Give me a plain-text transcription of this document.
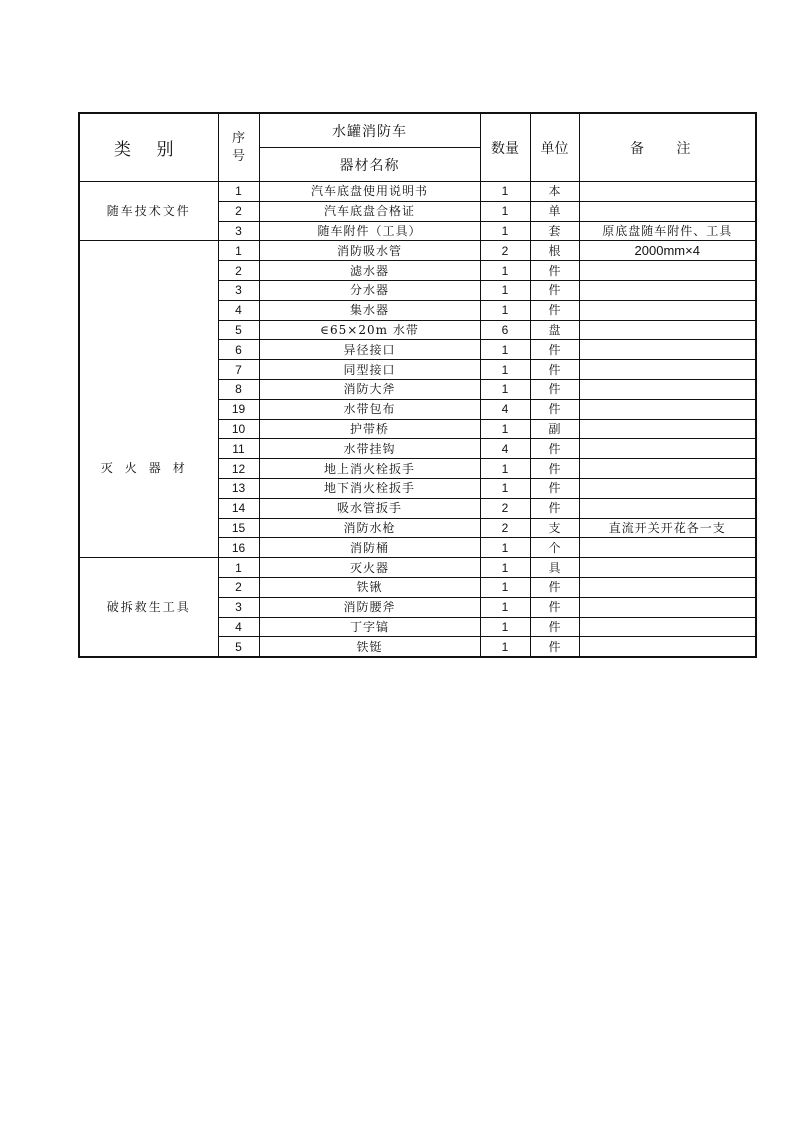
类 别	序号	水罐消防车	数量	单位	备 注
		器材名称			
随车技术文件	1	汽车底盘使用说明书	1	本	
	2	汽车底盘合格证	1	单	
	3	随车附件（工具）	1	套	原底盘随车附件、工具
灭火器材	1	消防吸水管	2	根	2000mm×4
	2	滤水器	1	件	
	3	分水器	1	件	
	4	集水器	1	件	
	5	∈65×20m 水带	6	盘	
	6	异径接口	1	件	
	7	同型接口	1	件	
	8	消防大斧	1	件	
	19	水带包布	4	件	
	10	护带桥	1	副	
	11	水带挂钩	4	件	
	12	地上消火栓扳手	1	件	
	13	地下消火栓扳手	1	件	
	14	吸水管扳手	2	件	
	15	消防水枪	2	支	直流开关开花各一支
	16	消防桶	1	个	
破拆救生工具	1	灭火器	1	具	
	2	铁锹	1	件	
	3	消防腰斧	1	件	
	4	丁字镐	1	件	
	5	铁铤	1	件	
